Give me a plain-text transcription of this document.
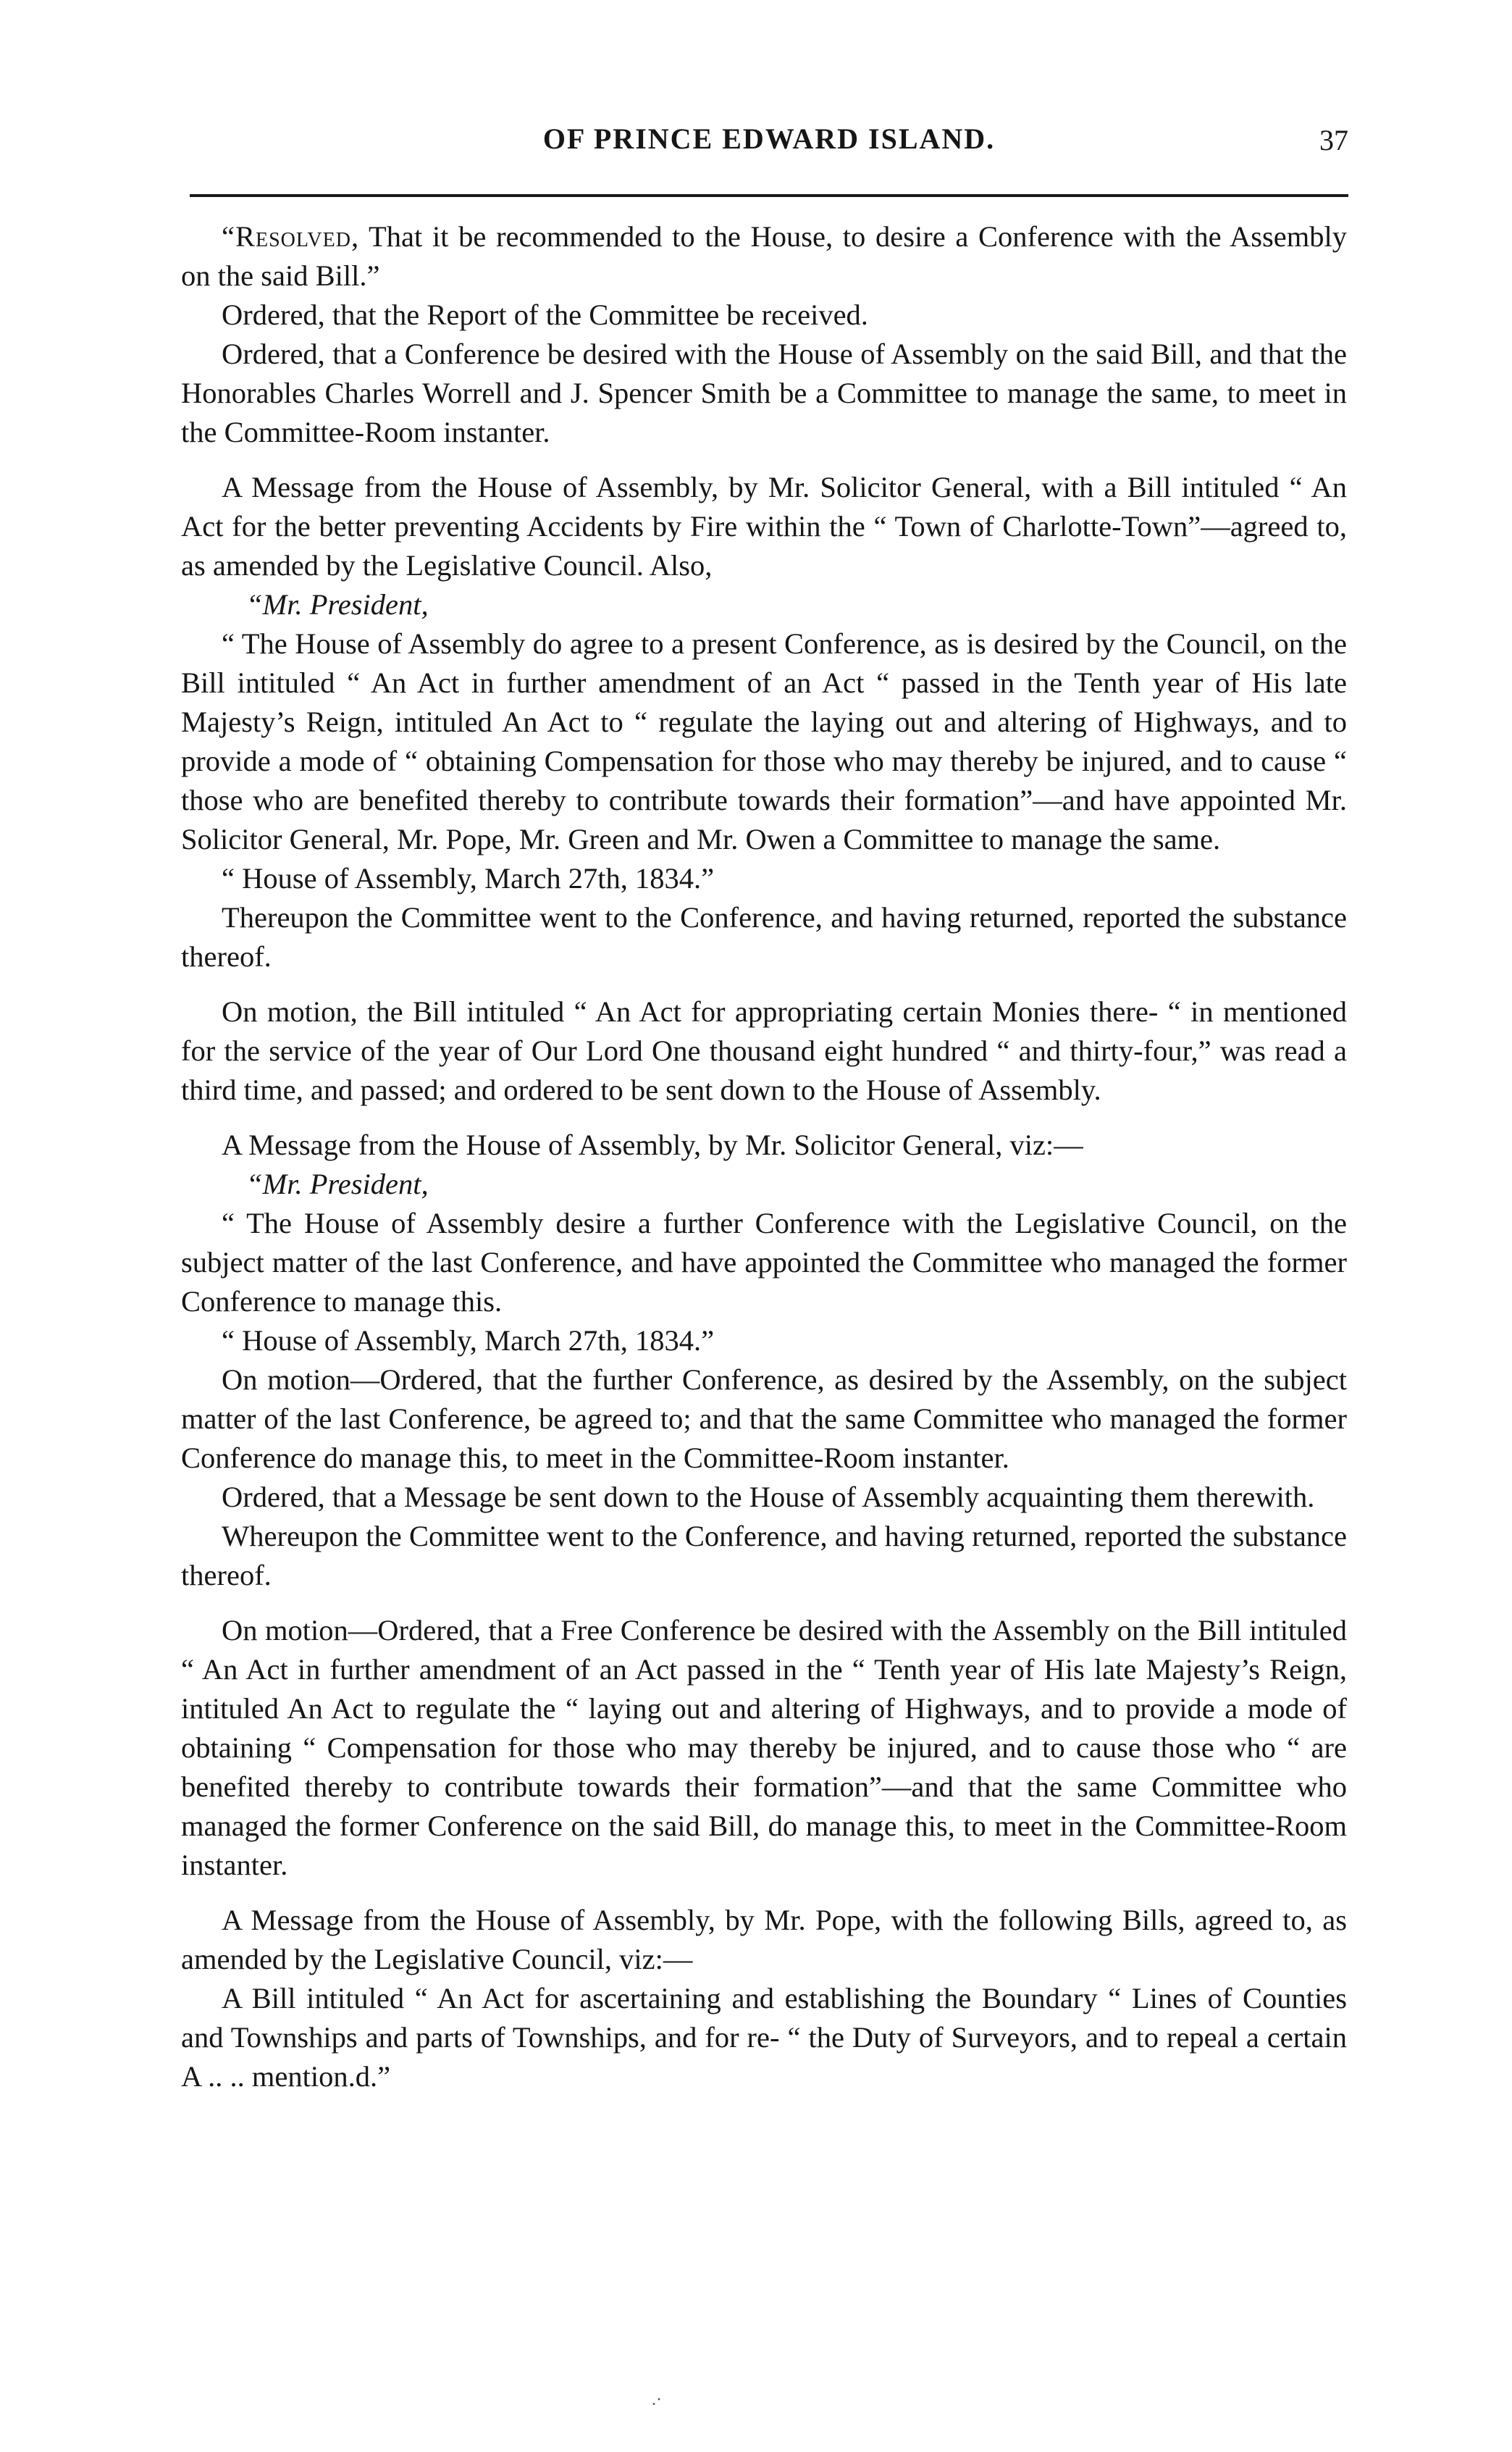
OF PRINCE EDWARD ISLAND.	37

“Resolved, That it be recommended to the House, to desire a Conference with the Assembly on the said Bill.”

Ordered, that the Report of the Committee be received.

Ordered, that a Conference be desired with the House of Assembly on the said Bill, and that the Honorables Charles Worrell and J. Spencer Smith be a Committee to manage the same, to meet in the Committee-Room instanter.

A Message from the House of Assembly, by Mr. Solicitor General, with a Bill intituled “ An Act for the better preventing Accidents by Fire within the “ Town of Charlotte-Town”—agreed to, as amended by the Legislative Council. Also,

“Mr. President,

“ The House of Assembly do agree to a present Conference, as is desired by the Council, on the Bill intituled “ An Act in further amendment of an Act “ passed in the Tenth year of His late Majesty’s Reign, intituled An Act to “ regulate the laying out and altering of Highways, and to provide a mode of “ obtaining Compensation for those who may thereby be injured, and to cause “ those who are benefited thereby to contribute towards their formation”—and have appointed Mr. Solicitor General, Mr. Pope, Mr. Green and Mr. Owen a Committee to manage the same.

“ House of Assembly, March 27th, 1834.”

Thereupon the Committee went to the Conference, and having returned, reported the substance thereof.

On motion, the Bill intituled “ An Act for appropriating certain Monies there- “ in mentioned for the service of the year of Our Lord One thousand eight hundred “ and thirty-four,” was read a third time, and passed; and ordered to be sent down to the House of Assembly.

A Message from the House of Assembly, by Mr. Solicitor General, viz:—

“Mr. President,

“ The House of Assembly desire a further Conference with the Legislative Council, on the subject matter of the last Conference, and have appointed the Committee who managed the former Conference to manage this.

“ House of Assembly, March 27th, 1834.”

On motion—Ordered, that the further Conference, as desired by the Assembly, on the subject matter of the last Conference, be agreed to; and that the same Committee who managed the former Conference do manage this, to meet in the Committee-Room instanter.

Ordered, that a Message be sent down to the House of Assembly acquainting them therewith.

Whereupon the Committee went to the Conference, and having returned, reported the substance thereof.

On motion—Ordered, that a Free Conference be desired with the Assembly on the Bill intituled “ An Act in further amendment of an Act passed in the “ Tenth year of His late Majesty’s Reign, intituled An Act to regulate the “ laying out and altering of Highways, and to provide a mode of obtaining “ Compensation for those who may thereby be injured, and to cause those who “ are benefited thereby to contribute towards their formation”—and that the same Committee who managed the former Conference on the said Bill, do manage this, to meet in the Committee-Room instanter.

A Message from the House of Assembly, by Mr. Pope, with the following Bills, agreed to, as amended by the Legislative Council, viz:—

A Bill intituled “ An Act for ascertaining and establishing the Boundary “ Lines of Counties and Townships and parts of Townships, and for re- “ the Duty of Surveyors, and to repeal a certain A .. .. mention.d.”

.·
